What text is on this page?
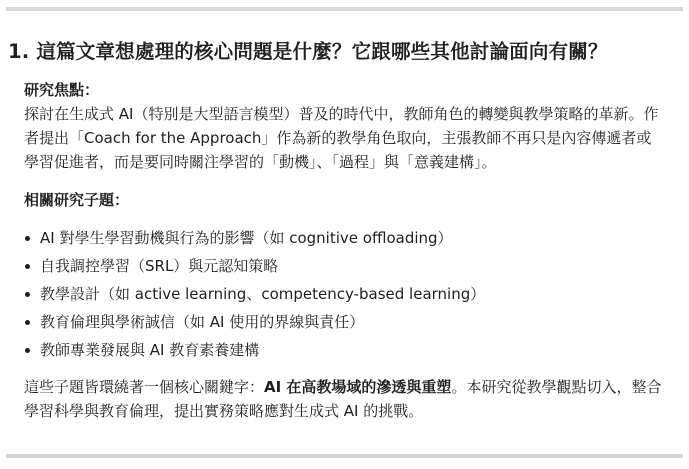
1. 這篇文章想處理的核心問題是什麼？它跟哪些其他討論面向有關？

研究焦點：

探討在生成式 AI（特別是大型語言模型）普及的時代中，教師角色的轉變與教學策略的革新。作者提出「Coach for the Approach」作為新的教學角色取向，主張教師不再只是內容傳遞者或學習促進者，而是要同時關注學習的「動機」、「過程」與「意義建構」。

相關研究子題：

AI 對學生學習動機與行為的影響（如 cognitive offloading）
自我調控學習（SRL）與元認知策略
教學設計（如 active learning、competency-based learning）
教育倫理與學術誠信（如 AI 使用的界線與責任）
教師專業發展與 AI 教育素養建構

這些子題皆環繞著一個核心關鍵字：AI 在高教場域的滲透與重塑。本研究從教學觀點切入，整合學習科學與教育倫理，提出實務策略應對生成式 AI 的挑戰。
